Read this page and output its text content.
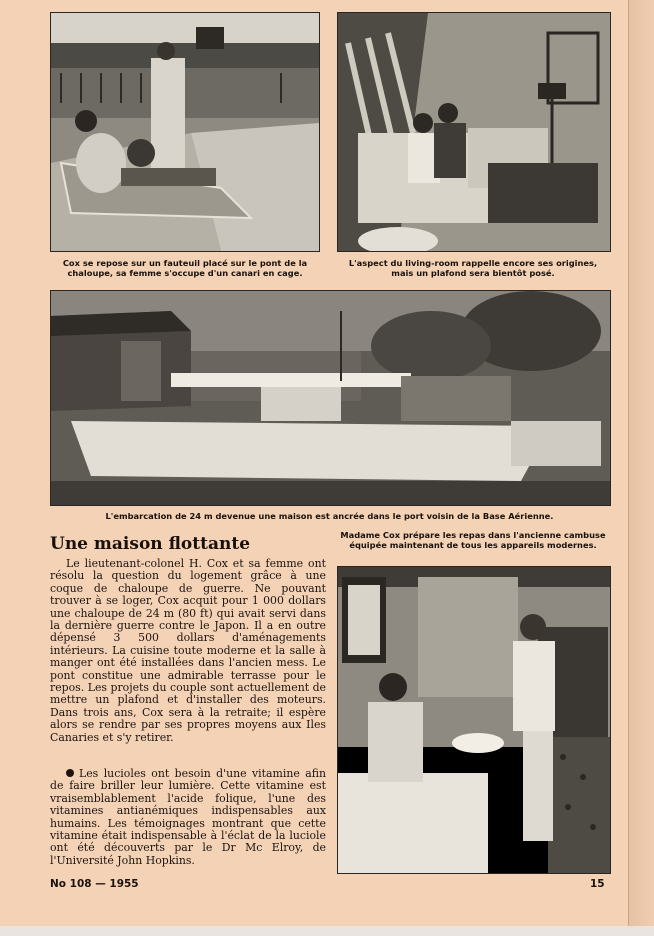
Cox se repose sur un fauteuil placé sur le pont de la chaloupe, sa femme s'occupe d'un canari en cage.
L'aspect du living-room rappelle encore ses origines, mais un plafond sera bientôt posé.
L'embarcation de 24 m devenue une maison est ancrée dans le port voisin de la Base Aérienne.
Une maison flottante

Le lieutenant-colonel H. Cox et sa femme ont résolu la question du logement grâce à une coque de chaloupe de guerre. Ne pouvant trouver à se loger, Cox acquit pour 1 000 dollars une chaloupe de 24 m (80 ft) qui avait servi dans la dernière guerre contre le Japon. Il a en outre dépensé 3 500 dollars d'aménagements intérieurs. La cuisine toute moderne et la salle à manger ont été installées dans l'ancien mess. Le pont constitue une admirable terrasse pour le repos. Les projets du couple sont actuellement de mettre un plafond et d'installer des moteurs. Dans trois ans, Cox sera à la retraite; il espère alors se rendre par ses propres moyens aux Iles Canaries et s'y retirer.

Les lucioles ont besoin d'une vitamine afin de faire briller leur lumière. Cette vitamine est vraisemblablement l'acide folique, l'une des vitamines antianémiques indispensables aux humains. Les témoignages montrant que cette vitamine était indispensable à l'éclat de la luciole ont été découverts par le Dr Mc Elroy, de l'Université John Hopkins.
Madame Cox prépare les repas dans l'ancienne cambuse équipée maintenant de tous les appareils modernes.
No 108 — 1955	15
